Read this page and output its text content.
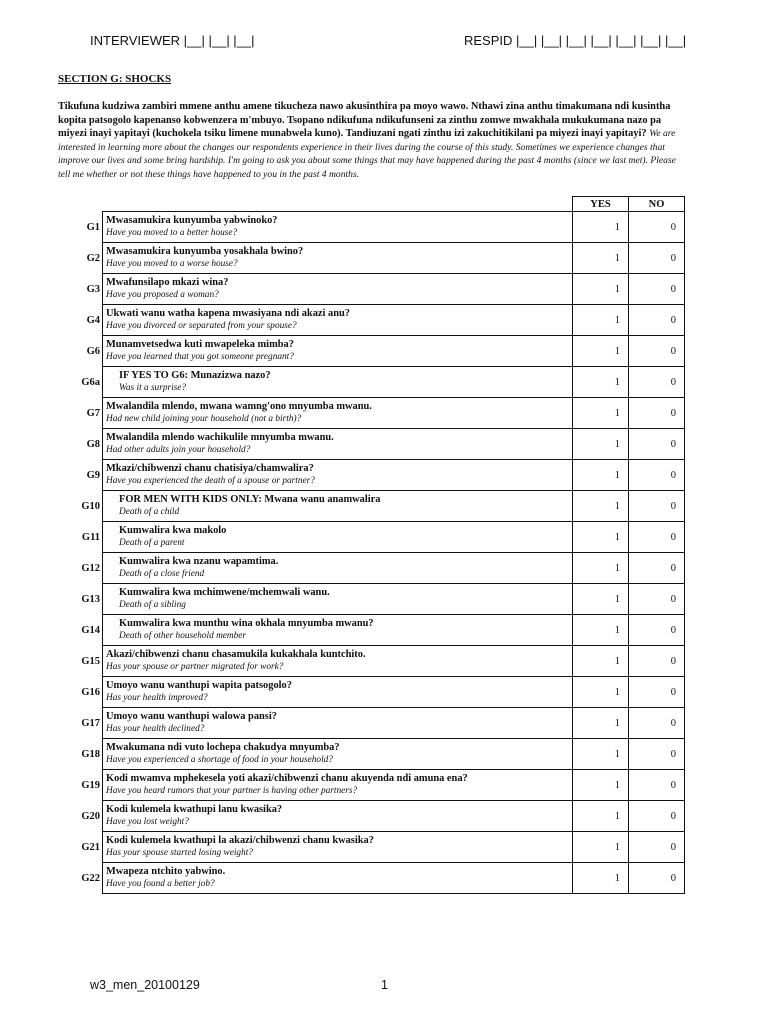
INTERVIEWER |__| |__| |__|	RESPID |__| |__| |__| |__| |__| |__| |__|
SECTION G: SHOCKS
Tikufuna kudziwa zambiri mmene anthu amene tikucheza nawo akusinthira pa moyo wawo. Nthawi zina anthu timakumana ndi kusintha kopita patsogolo kapenanso kobwenzera m'mbuyo. Tsopano ndikufuna ndikufunseni za zinthu zomwe mwakhala mukukumana nazo pa miyezi inayi yapitayi (kuchokela tsiku limene munabwela kuno). Tandiuzani ngati zinthu izi zakuchitikilani pa miyezi inayi yapitayi? We are interested in learning more about the changes our respondents experience in their lives during the course of this study. Sometimes we experience changes that improve our lives and some bring hardship. I'm going to ask you about some things that may have happened during the past 4 months (since we last met). Please tell me whether or not these things have happened to you in the past 4 months.
		YES	NO
G1	Mwasamukira kunyumba yabwinoko?
Have you moved to a better house?	1	0
G2	Mwasamukira kunyumba yosakhala bwino?
Have you moved to a worse house?	1	0
G3	Mwafunsilapo mkazi wina?
Have you proposed a woman?	1	0
G4	Ukwati wanu watha kapena mwasiyana ndi akazi anu?
Have you divorced or separated from your spouse?	1	0
G6	Munamvetsedwa kuti mwapeleka mimba?
Have you learned that you got someone pregnant?	1	0
G6a	IF YES TO G6: Munazizwa nazo?
Was it a surprise?	1	0
G7	Mwalandila mlendo, mwana wamng'ono mnyumba mwanu.
Had new child joining your household (not a birth)?	1	0
G8	Mwalandila mlendo wachikulile mnyumba mwanu.
Had other adults join your household?	1	0
G9	Mkazi/chibwenzi chanu chatisiya/chamwalira?
Have you experienced the death of a spouse or partner?	1	0
G10	FOR MEN WITH KIDS ONLY: Mwana wanu anamwalira
Death of a child	1	0
G11	Kumwalira kwa makolo
Death of a parent	1	0
G12	Kumwalira kwa nzanu wapamtima.
Death of a close friend	1	0
G13	Kumwalira kwa mchimwene/mchemwali wanu.
Death of a sibling	1	0
G14	Kumwalira kwa munthu wina okhala mnyumba mwanu?
Death of other household member	1	0
G15	Akazi/chibwenzi chanu chasamukila kukakhala kuntchito.
Has your spouse or partner migrated for work?	1	0
G16	Umoyo wanu wanthupi wapita patsogolo?
Has your health improved?	1	0
G17	Umoyo wanu wanthupi walowa pansi?
Has your health declined?	1	0
G18	Mwakumana ndi vuto lochepa chakudya mnyumba?
Have you experienced a shortage of food in your household?	1	0
G19	Kodi mwamva mphekesela yoti akazi/chibwenzi chanu akuyenda ndi amuna ena?
Have you heard rumors that your partner is having other partners?	1	0
G20	Kodi kulemela kwathupi lanu kwasika?
Have you lost weight?	1	0
G21	Kodi kulemela kwathupi la akazi/chibwenzi chanu kwasika?
Has your spouse started losing weight?	1	0
G22	Mwapeza ntchito yabwino.
Have you found a better job?	1	0
w3_men_20100129	1
